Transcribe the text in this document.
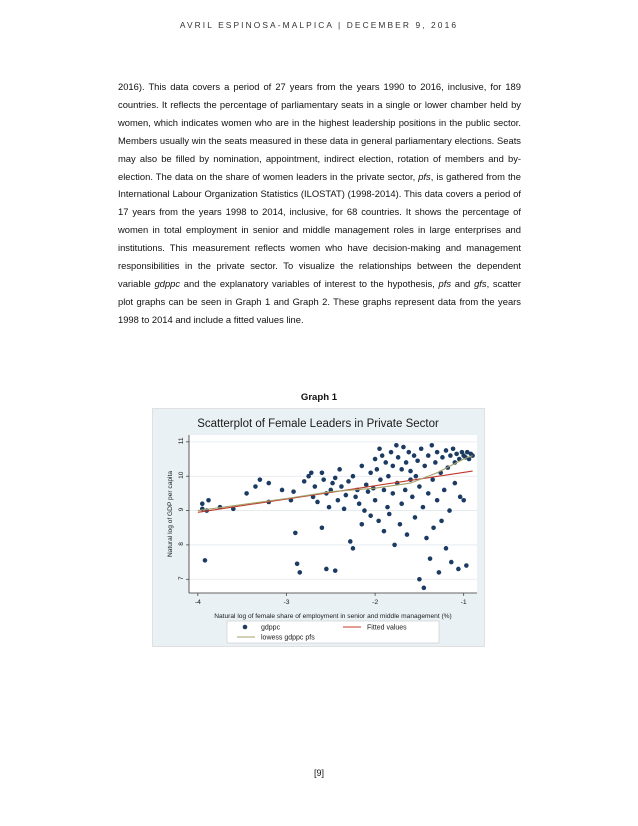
AVRIL ESPINOSA-MALPICA | DECEMBER 9, 2016

2016). This data covers a period of 27 years from the years 1990 to 2016, inclusive, for 189 countries. It reflects the percentage of parliamentary seats in a single or lower chamber held by women, which indicates women who are in the highest leadership positions in the public sector. Members usually win the seats measured in these data in general parliamentary elections. Seats may also be filled by nomination, appointment, indirect election, rotation of members and by-election. The data on the share of women leaders in the private sector, pfs, is gathered from the International Labour Organization Statistics (ILOSTAT) (1998-2014). This data covers a period of 17 years from the years 1998 to 2014, inclusive, for 68 countries. It shows the percentage of women in total employment in senior and middle management roles in large enterprises and institutions. This measurement reflects women who have decision-making and management responsibilities in the private sector. To visualize the relationships between the dependent variable gdppc and the explanatory variables of interest to the hypothesis, pfs and gfs, scatter plot graphs can be seen in Graph 1 and Graph 2. These graphs represent data from the years 1998 to 2014 and include a fitted values line.

Graph 1
Scatterplot of Female Leaders in Private Sector
7
8
9
10
11
-4	-3	-2	-1
Natural log of female share of employment in senior and middle management (%)
Natural log of GDP per capita
gdppc	Fitted values
lowess gdppc pfs
[9]
